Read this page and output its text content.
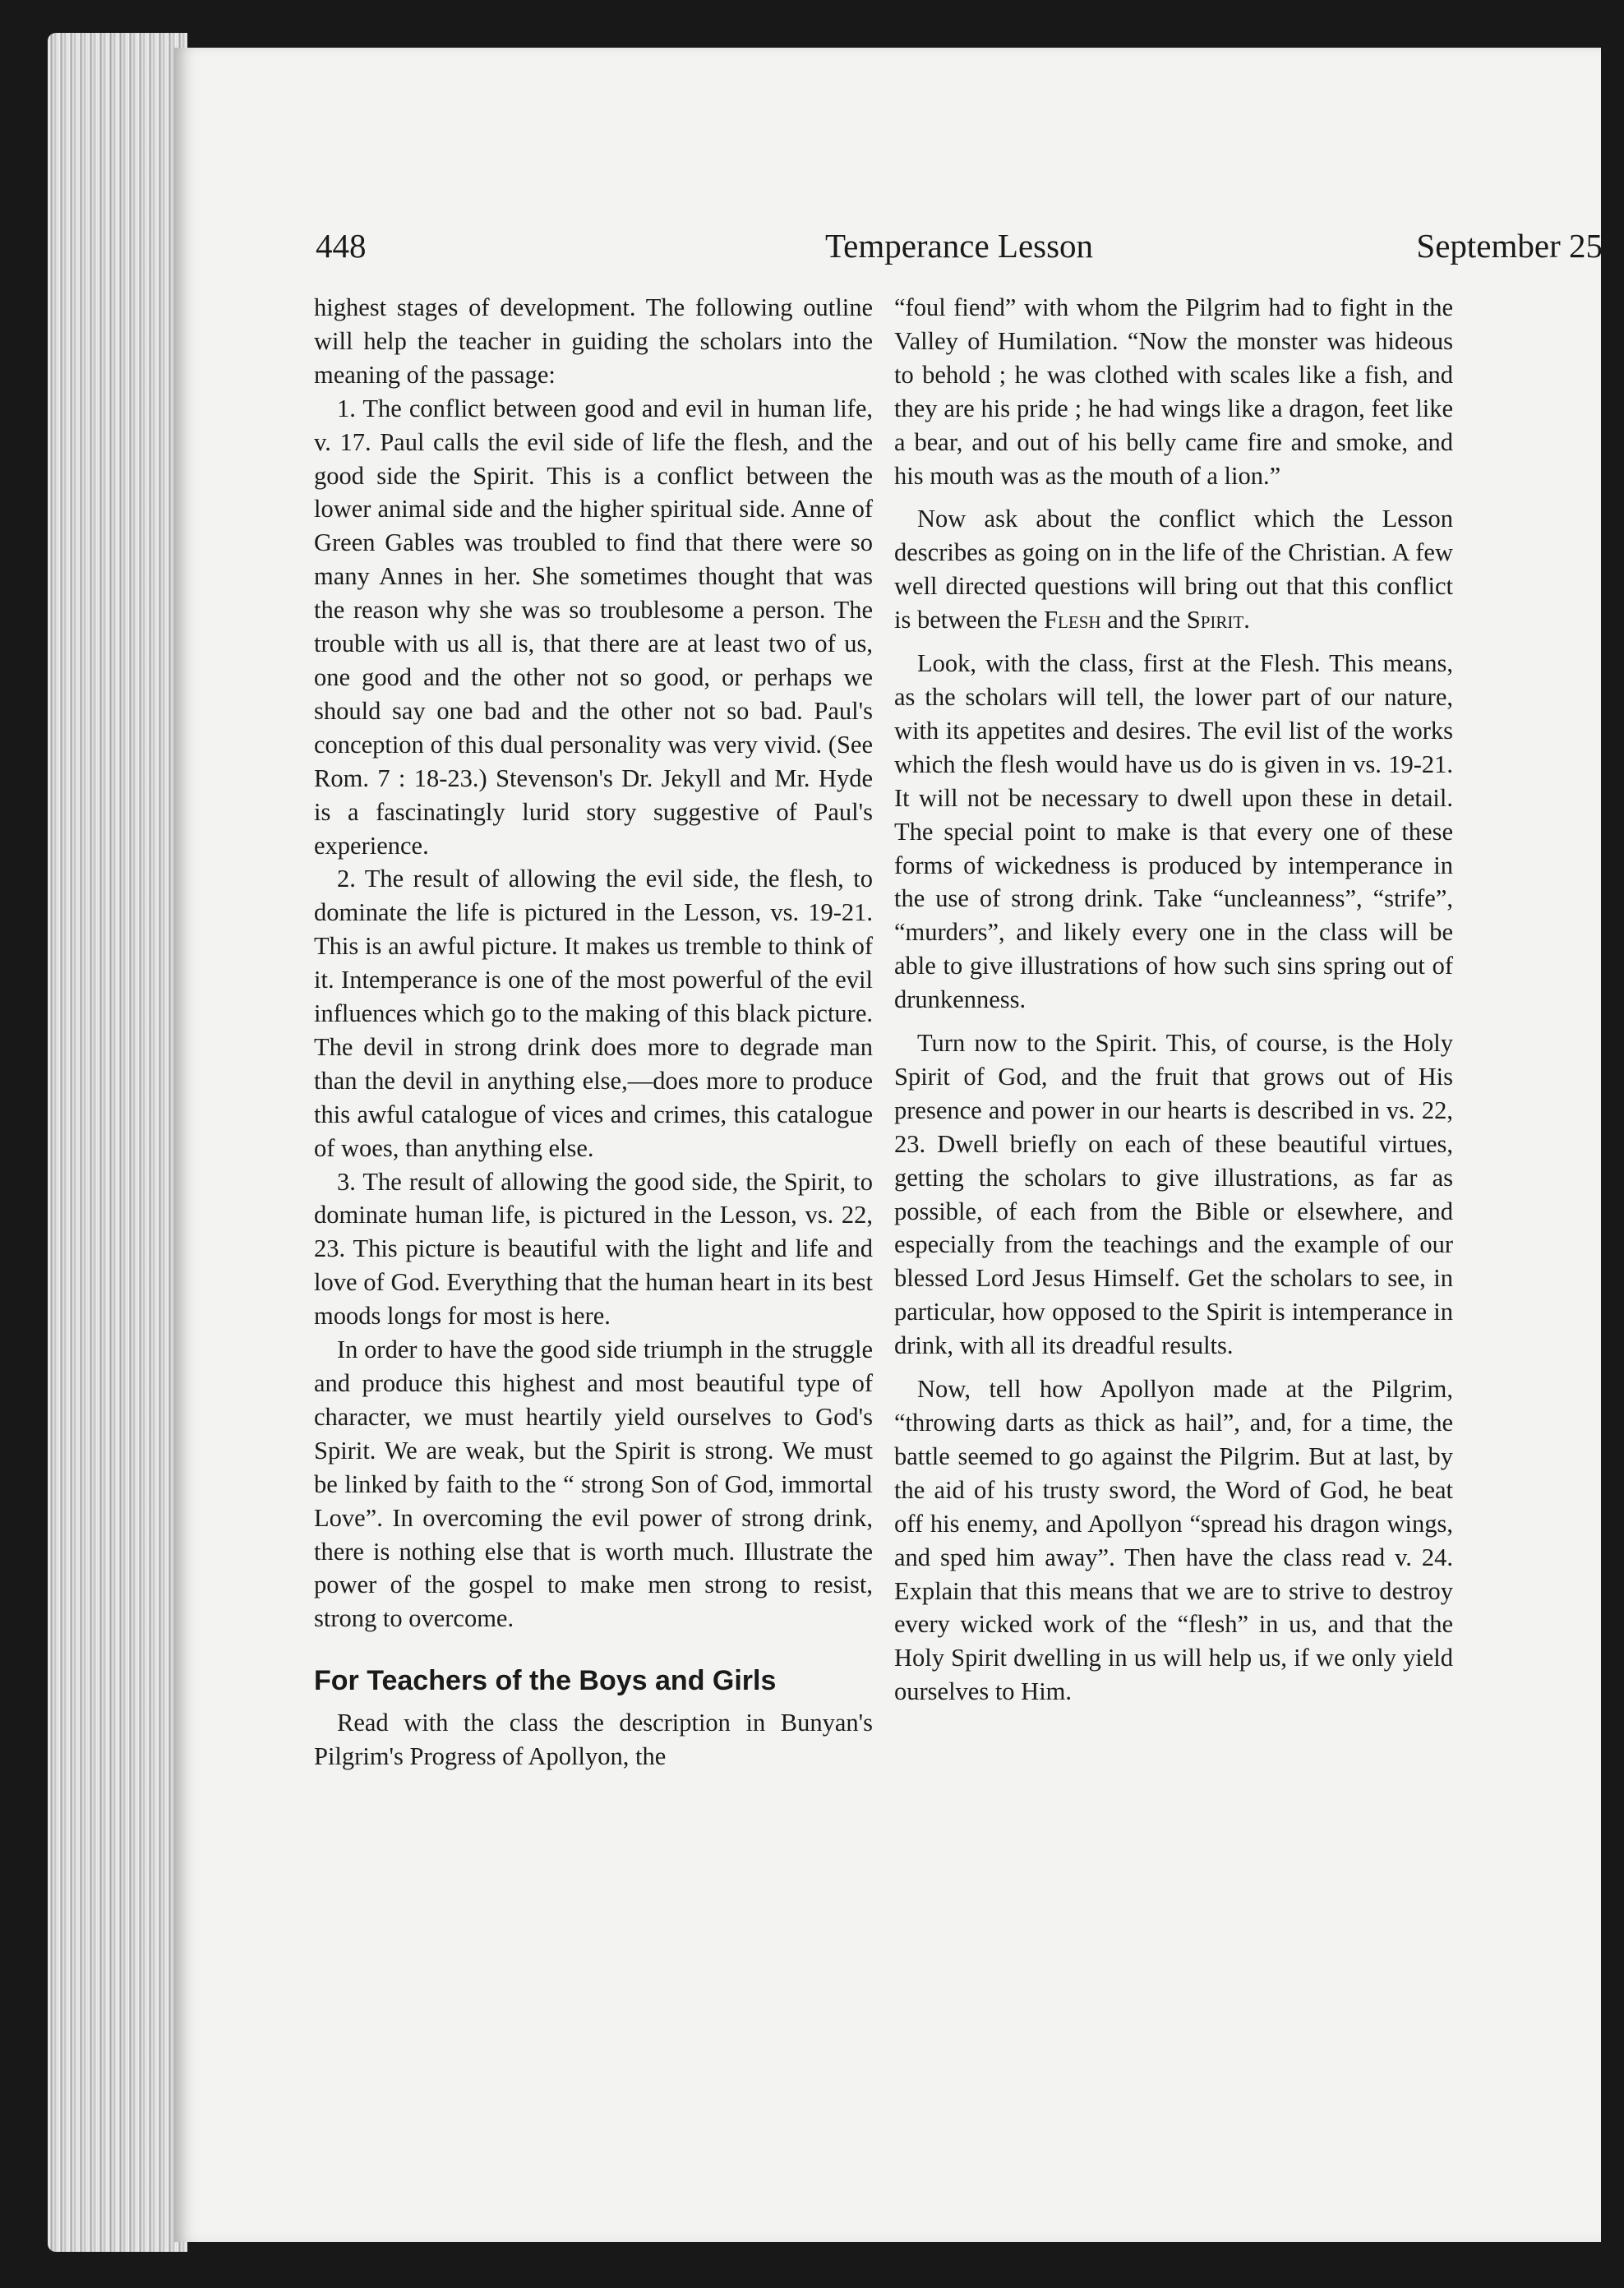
448	Temperance Lesson	September 25

highest stages of development. The following outline will help the teacher in guiding the scholars into the meaning of the passage:

1. The conflict between good and evil in human life, v. 17. Paul calls the evil side of life the flesh, and the good side the Spirit. This is a conflict between the lower animal side and the higher spiritual side. Anne of Green Gables was troubled to find that there were so many Annes in her. She sometimes thought that was the reason why she was so troublesome a person. The trouble with us all is, that there are at least two of us, one good and the other not so good, or perhaps we should say one bad and the other not so bad. Paul's conception of this dual personality was very vivid. (See Rom. 7 : 18-23.) Stevenson's Dr. Jekyll and Mr. Hyde is a fascinatingly lurid story suggestive of Paul's experience.

2. The result of allowing the evil side, the flesh, to dominate the life is pictured in the Lesson, vs. 19-21. This is an awful picture. It makes us tremble to think of it. Intemperance is one of the most powerful of the evil influences which go to the making of this black picture. The devil in strong drink does more to degrade man than the devil in anything else,—does more to produce this awful catalogue of vices and crimes, this catalogue of woes, than anything else.

3. The result of allowing the good side, the Spirit, to dominate human life, is pictured in the Lesson, vs. 22, 23. This picture is beautiful with the light and life and love of God. Everything that the human heart in its best moods longs for most is here.

In order to have the good side triumph in the struggle and produce this highest and most beautiful type of character, we must heartily yield ourselves to God's Spirit. We are weak, but the Spirit is strong. We must be linked by faith to the “ strong Son of God, immortal Love”. In overcoming the evil power of strong drink, there is nothing else that is worth much. Illustrate the power of the gospel to make men strong to resist, strong to overcome.

For Teachers of the Boys and Girls

Read with the class the description in Bunyan's Pilgrim's Progress of Apollyon, the

“foul fiend” with whom the Pilgrim had to fight in the Valley of Humilation. “Now the monster was hideous to behold ; he was clothed with scales like a fish, and they are his pride ; he had wings like a dragon, feet like a bear, and out of his belly came fire and smoke, and his mouth was as the mouth of a lion.”

Now ask about the conflict which the Lesson describes as going on in the life of the Christian. A few well directed questions will bring out that this conflict is between the Flesh and the Spirit.

Look, with the class, first at the Flesh. This means, as the scholars will tell, the lower part of our nature, with its appetites and desires. The evil list of the works which the flesh would have us do is given in vs. 19-21. It will not be necessary to dwell upon these in detail. The special point to make is that every one of these forms of wickedness is produced by intemperance in the use of strong drink. Take “uncleanness”, “strife”, “murders”, and likely every one in the class will be able to give illustrations of how such sins spring out of drunkenness.

Turn now to the Spirit. This, of course, is the Holy Spirit of God, and the fruit that grows out of His presence and power in our hearts is described in vs. 22, 23. Dwell briefly on each of these beautiful virtues, getting the scholars to give illustrations, as far as possible, of each from the Bible or elsewhere, and especially from the teachings and the example of our blessed Lord Jesus Himself. Get the scholars to see, in particular, how opposed to the Spirit is intemperance in drink, with all its dreadful results.

Now, tell how Apollyon made at the Pilgrim, “throwing darts as thick as hail”, and, for a time, the battle seemed to go against the Pilgrim. But at last, by the aid of his trusty sword, the Word of God, he beat off his enemy, and Apollyon “spread his dragon wings, and sped him away”. Then have the class read v. 24. Explain that this means that we are to strive to destroy every wicked work of the “flesh” in us, and that the Holy Spirit dwelling in us will help us, if we only yield ourselves to Him.
